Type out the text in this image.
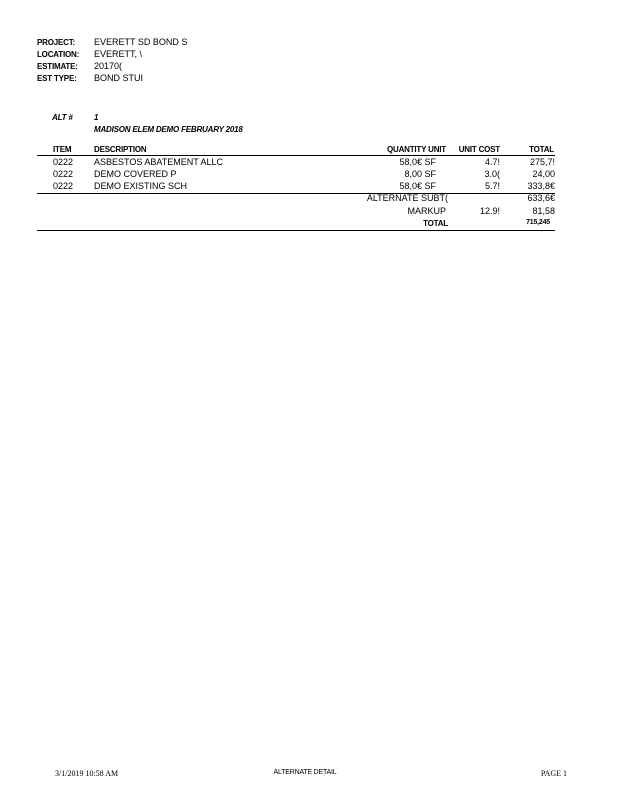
PROJECT: EVERETT SD BOND S
LOCATION: EVERETT, \
ESTIMATE: 20170(
EST TYPE: BOND STUI
ALT #	1
MADISON ELEM DEMO FEBRUARY 2018
ITEM	DESCRIPTION	QUANTITY UNIT	UNIT COST	TOTAL
0222 ASBESTOS ABATEMENT ALLC	58,0€ SF	4.7!	275,7!
0222 DEMO COVERED P	8,00 SF	3.0(	24,00
0222 DEMO EXISTING SCH	58,0€ SF	5.7!	333,8€
ALTERNATE SUBT(	633,6€
MARKUP	12.9!	81,58
TOTAL	715,245
3/1/2019 10:58 AM	ALTERNATE DETAIL	PAGE 1
